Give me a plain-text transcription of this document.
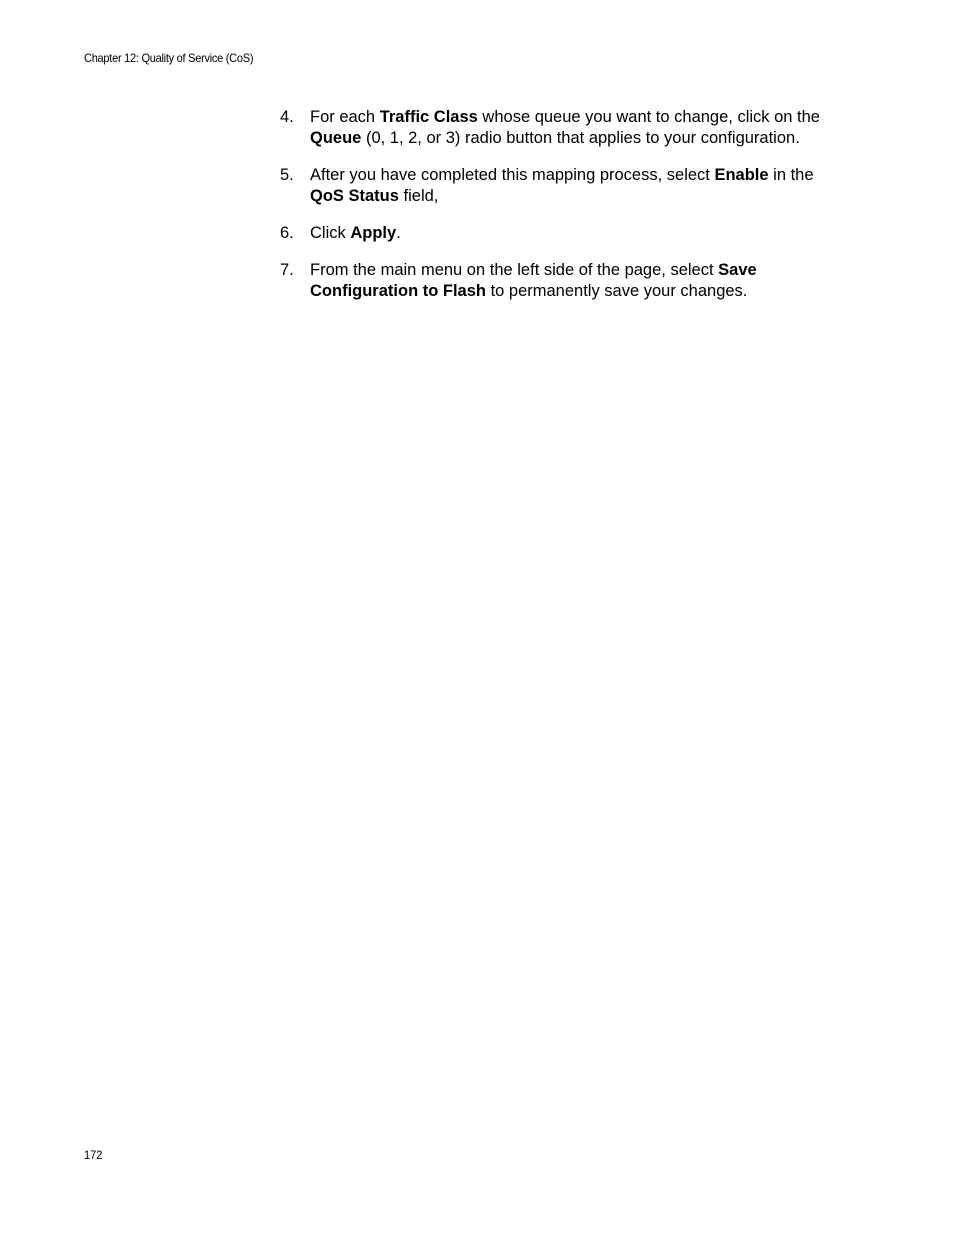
Chapter 12: Quality of Service (CoS)
4. For each Traffic Class whose queue you want to change, click on the Queue (0, 1, 2, or 3) radio button that applies to your configuration.
5. After you have completed this mapping process, select Enable in the QoS Status field,
6. Click Apply.
7. From the main menu on the left side of the page, select Save Configuration to Flash to permanently save your changes.
172
